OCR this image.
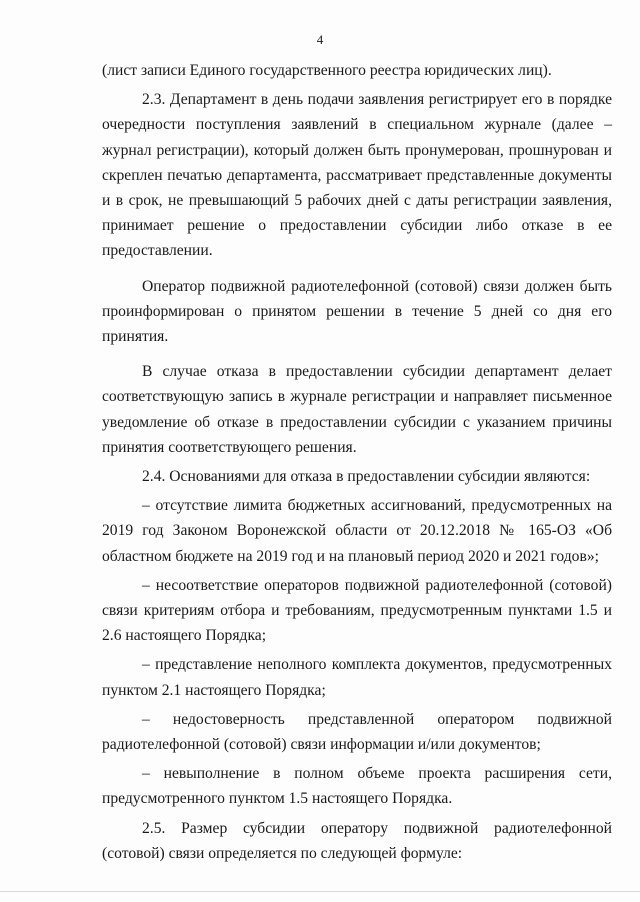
4

(лист записи Единого государственного реестра юридических лиц).

2.3. Департамент в день подачи заявления регистрирует его в порядке очередности поступления заявлений в специальном журнале (далее – журнал регистрации), который должен быть пронумерован, прошнурован и скреплен печатью департамента, рассматривает представленные документы и в срок, не превышающий 5 рабочих дней с даты регистрации заявления, принимает решение о предоставлении субсидии либо отказе в ее предоставлении.

Оператор подвижной радиотелефонной (сотовой) связи должен быть проинформирован о принятом решении в течение 5 дней со дня его принятия.

В случае отказа в предоставлении субсидии департамент делает соответствующую запись в журнале регистрации и направляет письменное уведомление об отказе в предоставлении субсидии с указанием причины принятия соответствующего решения.

2.4. Основаниями для отказа в предоставлении субсидии являются:

– отсутствие лимита бюджетных ассигнований, предусмотренных на 2019 год Законом Воронежской области от 20.12.2018 № 165-ОЗ «Об областном бюджете на 2019 год и на плановый период 2020 и 2021 годов»;

– несоответствие операторов подвижной радиотелефонной (сотовой) связи критериям отбора и требованиям, предусмотренным пунктами 1.5 и 2.6 настоящего Порядка;

– представление неполного комплекта документов, предусмотренных пунктом 2.1 настоящего Порядка;

– недостоверность представленной оператором подвижной радиотелефонной (сотовой) связи информации и/или документов;

– невыполнение в полном объеме проекта расширения сети, предусмотренного пунктом 1.5 настоящего Порядка.

2.5. Размер субсидии оператору подвижной радиотелефонной (сотовой) связи определяется по следующей формуле:
